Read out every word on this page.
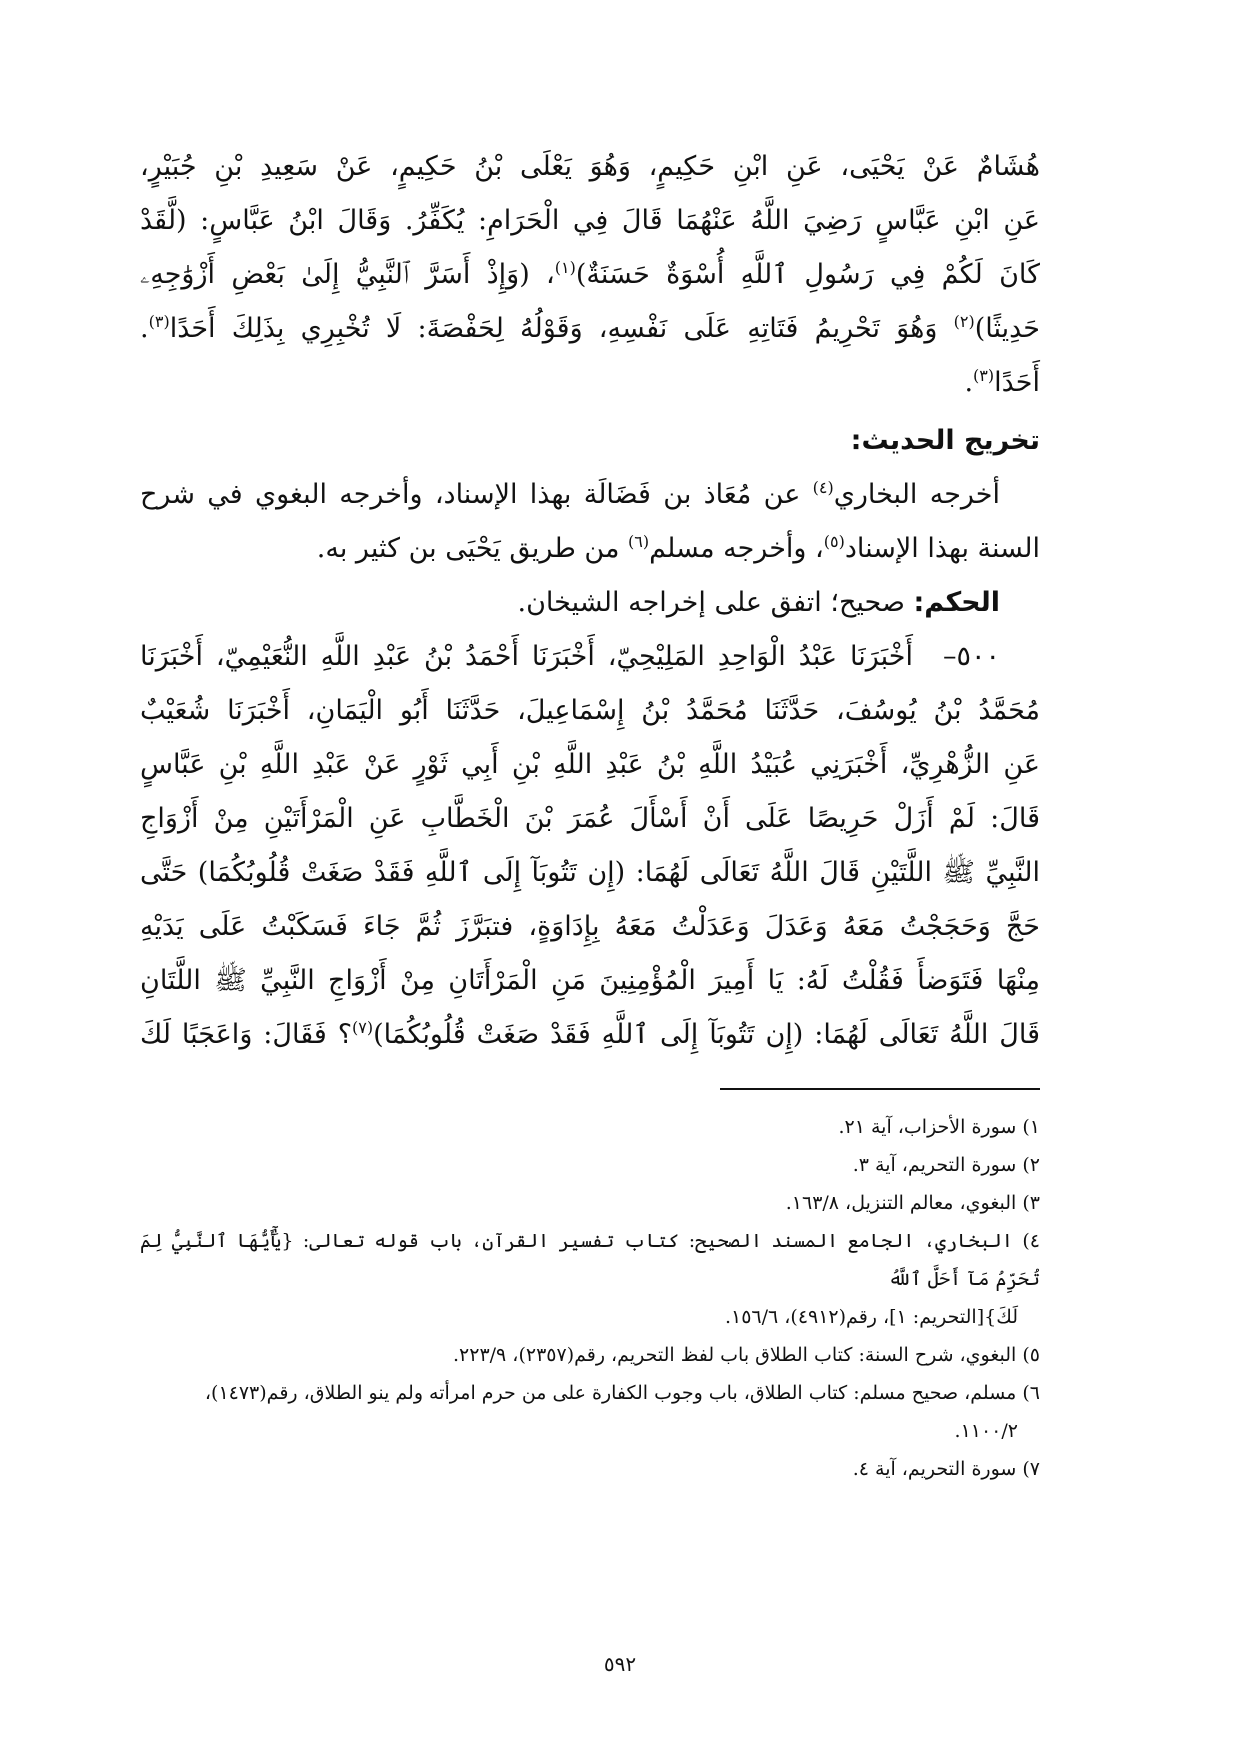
هُشَامٌ عَنْ يَحْيَى، عَنِ ابْنِ حَكِيمٍ، وَهُوَ يَعْلَى بْنُ حَكِيمٍ، عَنْ سَعِيدِ بْنِ جُبَيْرٍ،

عَنِ ابْنِ عَبَّاسٍ رَضِيَ اللَّهُ عَنْهُمَا قَالَ فِي الْحَرَامِ: يُكَفِّرُ. وَقَالَ ابْنُ عَبَّاسٍ: (لَّقَدْ

كَانَ لَكُمْ فِي رَسُولِ ٱللَّهِ أُسْوَةٌ حَسَنَةٌ)$^{(١)}$، (وَإِذْ أَسَرَّ ٱلنَّبِيُّ إِلَىٰ بَعْضِ أَزْوَٰجِهِۦ

حَدِيثًا)$^{(٢)}$ وَهُوَ تَحْرِيمُ فَتَاتِهِ عَلَى نَفْسِهِ، وَقَوْلُهُ لِحَفْصَةَ: لَا تُخْبِرِي بِذَلِكَ أَحَدًا$^{(٣)}$.

أَحَدًا$^{(٣)}$.

تخريج الحديث:

أخرجه البخاري$^{(٤)}$ عن مُعَاذ بن فَضَالَة بهذا الإسناد، وأخرجه البغوي في شرح السنة بهذا الإسناد$^{(٥)}$، وأخرجه مسلم$^{(٦)}$ من طريق يَحْيَى بن كثير به.

الحكم: صحيح؛ اتفق على إخراجه الشيخان.

٥٠٠–أَخْبَرَنَا عَبْدُ الْوَاحِدِ المَلِيْحِيّ، أَخْبَرَنَا أَحْمَدُ بْنُ عَبْدِ اللَّهِ النُّعَيْمِيّ، أَخْبَرَنَا

مُحَمَّدُ بْنُ يُوسُفَ، حَدَّثَنَا مُحَمَّدُ بْنُ إِسْمَاعِيلَ، حَدَّثَنَا أَبُو الْيَمَانِ، أَخْبَرَنَا شُعَيْبٌ

عَنِ الزُّهْرِيِّ، أَخْبَرَنِي عُبَيْدُ اللَّهِ بْنُ عَبْدِ اللَّهِ بْنِ أَبِي ثَوْرٍ عَنْ عَبْدِ اللَّهِ بْنِ عَبَّاسٍ

قَالَ: لَمْ أَزَلْ حَرِيصًا عَلَى أَنْ أَسْأَلَ عُمَرَ بْنَ الْخَطَّابِ عَنِ الْمَرْأَتَيْنِ مِنْ أَزْوَاجِ

النَّبِيِّ ﷺ اللَّتَيْنِ قَالَ اللَّهُ تَعَالَى لَهُمَا: (إِن تَتُوبَآ إِلَى ٱللَّهِ فَقَدْ صَغَتْ قُلُوبُكُمَا) حَتَّى

حَجَّ وَحَجَجْتُ مَعَهُ وَعَدَلَ وَعَدَلْتُ مَعَهُ بِإِدَاوَةٍ، فتبَرَّزَ ثُمَّ جَاءَ فَسَكَبْتُ عَلَى يَدَيْهِ

مِنْهَا فَتَوَضأَ فَقُلْتُ لَهُ: يَا أَمِيرَ الْمُؤْمِنِينَ مَنِ الْمَرْأَتَانِ مِنْ أَزْوَاجِ النَّبِيِّ ﷺ اللَّتَانِ

قَالَ اللَّهُ تَعَالَى لَهُمَا: (إِن تَتُوبَآ إِلَى ٱللَّهِ فَقَدْ صَغَتْ قُلُوبُكُمَا)$^{(٧)}$؟ فَقَالَ: وَاعَجَبًا لَكَ

١) سورة الأحزاب، آية ٢١.

٢) سورة التحريم، آية ٣.

٣) البغوي، معالم التنزيل، ١٦٣/٨.

٤) البخاري، الجامع المسند الصحيح: كتاب تفسير القرآن، باب قوله تعالى: {يَٰٓأَيُّهَا ٱلنَّبِيُّ لِمَ تُحَرِّمُ مَآ أَحَلَّ ٱللَّهُ

لَكَ}[التحريم: ١]، رقم(٤٩١٢)، ١٥٦/٦.

٥) البغوي، شرح السنة: كتاب الطلاق باب لفظ التحريم، رقم(٢٣٥٧)، ٢٢٣/٩.

٦) مسلم، صحيح مسلم: كتاب الطلاق، باب وجوب الكفارة على من حرم امرأته ولم ينو الطلاق، رقم(١٤٧٣)،

١١٠٠/٢.

٧) سورة التحريم، آية ٤.

٥٩٢
